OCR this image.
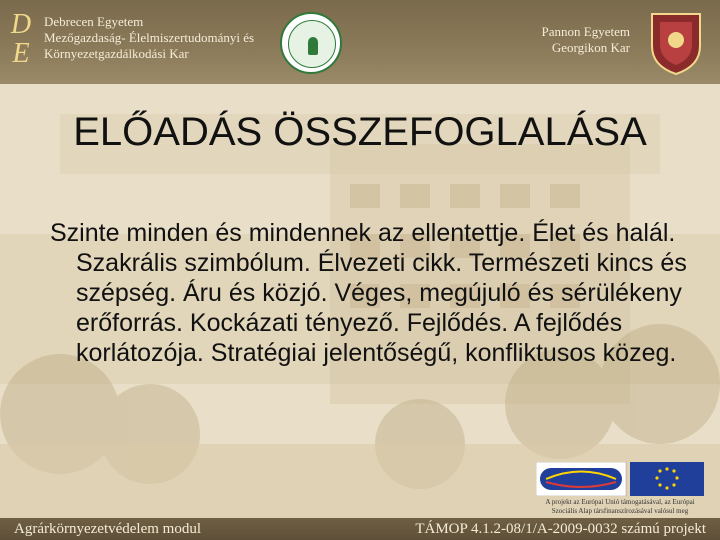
D
E
Debrecen Egyetem
Mezőgazdaság- Élelmiszertudományi és
Környezetgazdálkodási Kar
Pannon Egyetem
Georgikon Kar
ELŐADÁS ÖSSZEFOGLALÁSA

Szinte minden és mindennek az ellentettje. Élet és halál. Szakrális szimbólum. Élvezeti cikk. Természeti kincs és szépség. Áru és közjó. Véges, megújuló és sérülékeny erőforrás. Kockázati tényező. Fejlődés. A fejlődés korlátozója. Stratégiai jelentőségű, konfliktusos közeg.

A projekt az Európai Unió támogatásával, az Európai
Szociális Alap társfinanszírozásával valósul meg
Agrárkörnyezetvédelem modul	TÁMOP 4.1.2-08/1/A-2009-0032 számú projekt
